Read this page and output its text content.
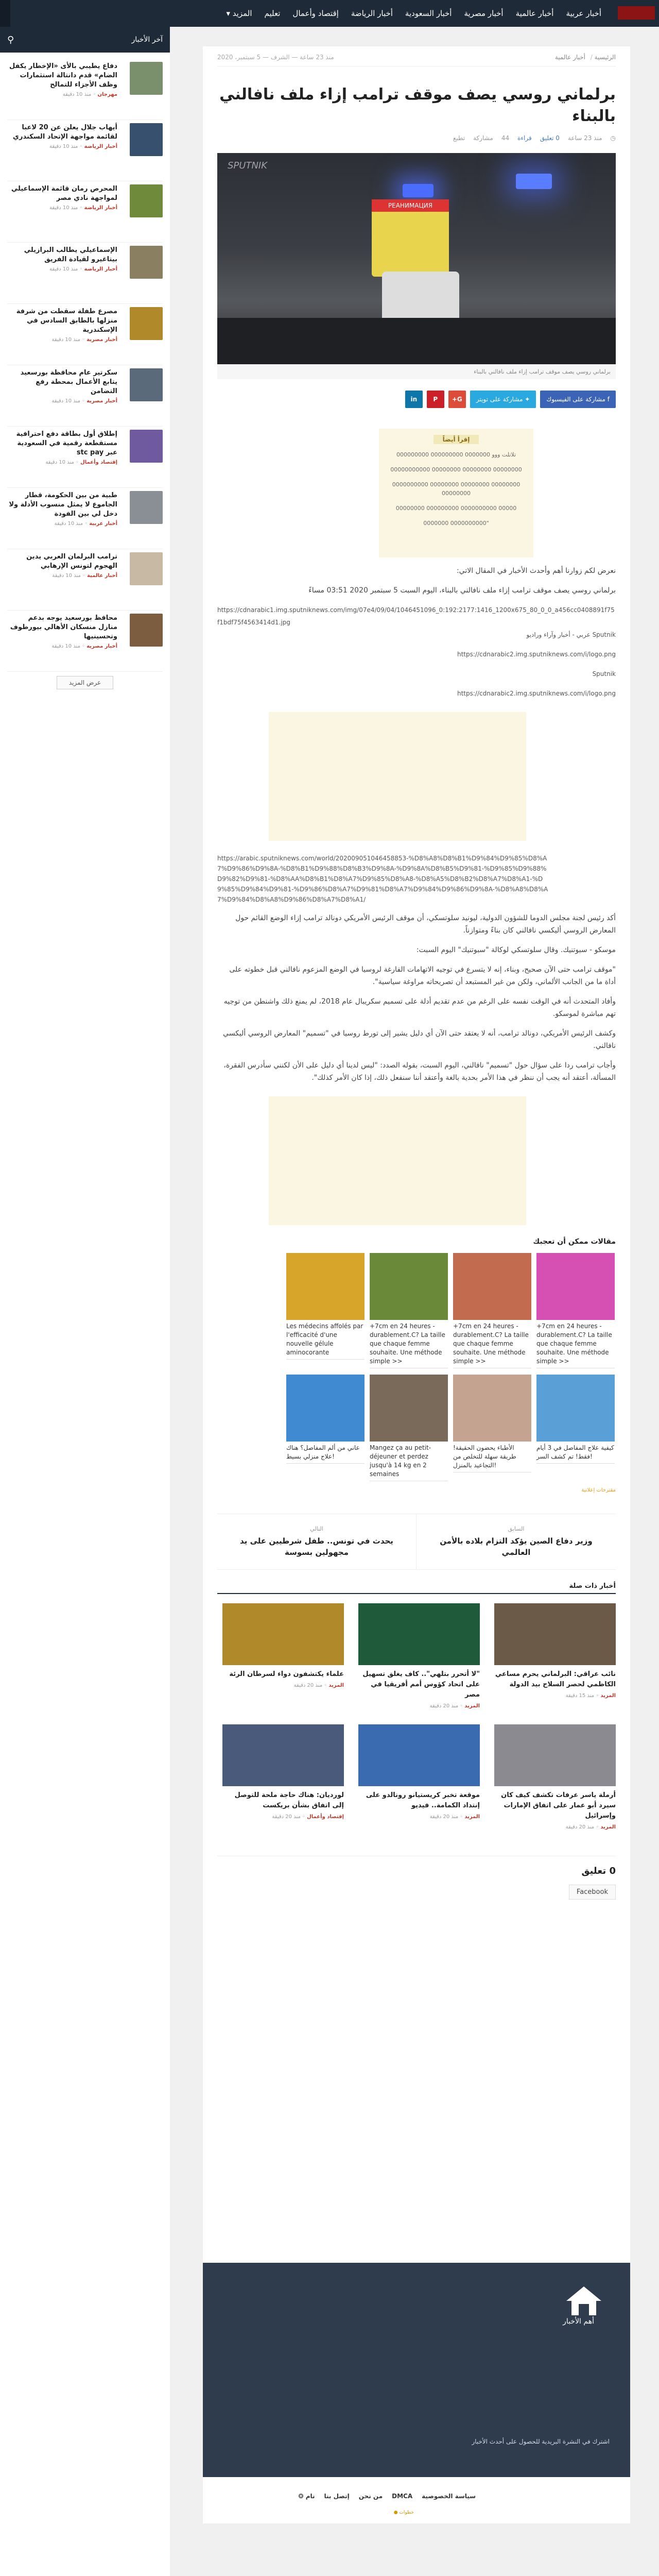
أخبار عربية
أخبار عالمية
أخبار مصرية
أخبار السعودية
أخبار الرياضة
إقتصاد وأعمال
تعليم
المزيد ▾
آخر الأخبار
⚲
دفاع يطيبي بالأى «الإخطار يكفل الضام» قدم دانتالة استثمارات وظف الأجزاء للتمالح
مهرجان ◦ منذ 10 دقيقة
أيهاب جلال يعلن عن 20 لاعبا لقائمة مواجهة الإتحاد السكندري
أخبار الرياضة ◦ منذ 10 دقيقة
المحرص رمان قائمة الإسماعيلي لمواجهة نادي مصر
أخبار الرياضة ◦ منذ 10 دقيقة
الإسماعيلي يطالب البرازيلي بيتاغيرو لقيادة الفريق
أخبار الرياضة ◦ منذ 10 دقيقة
مصرع طفلة سقطت من شرفة منزلها بالطابق السادس في الإسكندرية
أخبار مصرية ◦ منذ 10 دقيقة
سكرتير عام محافظة بورسعيد يتابع الأعمال بمحطة رفع التضامن
أخبار مصرية ◦ منذ 10 دقيقة
إطلاق أول بطاقة دفع احترافية مستقطعة رقمية في السعودية عبر stc pay
إقتصاد وأعمال ◦ منذ 10 دقيقة
طبية من بين الحكومة، قطار الجاموع لا يمثل منسوب الأدلة ولا دخل لي بين الفودة
أخبار عربية ◦ منذ 10 دقيقة
ترامب البرلمان العربي يدين الهجوم لتونس الإرهابي
أخبار عالمية ◦ منذ 10 دقيقة
محافظ بورسعيد يوجه بدعم منازل منسكان الأهالي بيورطوف وتحسينيها
أخبار مصرية ◦ منذ 10 دقيقة
عرض المزيد
الرئيسية / أخبار عالمية
منذ 23 ساعة — الشرف — 5 سبتمبر، 2020
برلماني روسي يصف موقف ترامب إزاء ملف نافالني بالبناء
◷
منذ 23 ساعة
0 تعليق
قراءة
44
مشاركة
تطبع
РЕАНИМАЦИЯ
SPUTNIK
برلماني روسي يصف موقف ترامب إزاء ملف نافالني بالبناء
f مشاركة على الفيسبوك
✦ مشاركة على تويتر
G+
P
in
إقرأ أيضاً
تلاتلت ووو 0000000 000000000 000000000
00000000 00000000 00000000 00000000000
00000000 00000000 00000000 0000000000 00000000
00000 0000000000 000000000 00000000
"0000000000 0000000

نعرض لكم زوارنا أهم وأحدث الأخبار في المقال الاتي:

برلماني روسي يصف موقف ترامب إزاء ملف نافالني بالبناء، اليوم السبت 5 سبتمبر 2020 03:51 مساءً

https://cdnarabic1.img.sputniknews.com/img/07e4/09/04/1046451096_0:192:2177:1416_1200x675_80_0_0_a456cc0408891f75f1bdf75f4563414d1.jpg
عربي - أخبار وآراء وراديو Sputnik
https://cdnarabic2.img.sputniknews.com/i/logo.png
Sputnik
https://cdnarabic2.img.sputniknews.com/i/logo.png
https://arabic.sputniknews.com/world/202009051046458853-%D8%A8%D8%B1%D9%84%D9%85%D8%A7%D9%86%D9%8A-%D8%B1%D9%88%D8%B3%D9%8A-%D9%8A%D8%B5%D9%81-%D9%85%D9%88%D9%82%D9%81-%D8%AA%D8%B1%D8%A7%D9%85%D8%A8-%D8%A5%D8%B2%D8%A7%D8%A1-%D9%85%D9%84%D9%81-%D9%86%D8%A7%D9%81%D8%A7%D9%84%D9%86%D9%8A-%D8%A8%D8%A7%D9%84%D8%A8%D9%86%D8%A7%D8%A1/

أكد رئيس لجنة مجلس الدوما للشؤون الدولية، ليونيد سلوتسكي، أن موقف الرئيس الأمريكي دونالد ترامب إزاء الوضع القائم حول المعارض الروسي أليكسي نافالني كان بناءً ومتوازناً.

موسكو - سبوتنيك. وقال سلوتسكي لوكالة "سبوتنيك" اليوم السبت:

"موقف ترامب حتى الآن صحيح، وبناء، إنه لا يتسرع في توجيه الاتهامات الفارغة لروسيا في الوضع المزعوم نافالني قبل خطوته على أداة ما من الجانب الألماني، ولكن من غير المستبعد أن تصريحاته مراوغة سياسية".

وأفاد المتحدث أنه في الوقت نفسه على الرغم من عدم تقديم أدلة على تسميم سكريبال عام 2018، لم يمنع ذلك واشنطن من توجيه تهم مباشرة لموسكو.

وكشف الرئيس الأمريكي، دونالد ترامب، أنه لا يعتقد حتى الآن أي دليل يشير إلى تورط روسيا في "تسميم" المعارض الروسي أليكسي نافالني.

وأجاب ترامب ردا على سؤال حول "تسميم" نافالني، اليوم السبت، بقوله الصدد: "ليس لدينا أي دليل على الأن لكنني سأدرس الفقرة، المسألة، أعتقد أنه يجب أن ننظر في هذا الأمر بحدية بالغة وأعتقد أننا سنفعل ذلك، إذا كان الأمر كذلك".

مقالات ممكن أن تعجبك
+7cm en 24 heures - durablement.C? La taille que chaque femme souhaite. Une méthode simple >>
+7cm en 24 heures - durablement.C? La taille que chaque femme souhaite. Une méthode simple >>
+7cm en 24 heures - durablement.C? La taille que chaque femme souhaite. Une méthode simple >>
Les médecins affolés par l'efficacité d'une nouvelle gélule aminocorante
كيفية علاج المفاصل في 3 أيام فقط! تم كشف السر!
الأطباء يحضون الحقيقة! طريقة سهلة للتخلص من التجاعيد بالمنزل!
Mangez ça au petit-déjeuner et perdez jusqu'à 14 kg en 2 semaines
عاني من ألم المفاصل؟ هناك علاج منزلي بسيط!
مقترحات إعلانية
السابق
وزير دفاع الصين يؤكد التزام بلاده بالأمن العالمي
التالي
يحدث في تونس.. طفل شرطيين على يد مجهولين بسوسة
أخبار ذات صلة
نائب عراقي: البرلماني يحرم مساعي الكاظمي لحصر السلاح بيد الدولة
المزيد ◦ منذ 15 دقيقة
"لا أتحرر بتلهي".. كاف يغلق تسهيل على اتحاد كؤوس أمم أفريقيا في مصر
المزيد ◦ منذ 20 دقيقة
علماء يكتشفون دواء لسرطان الرئة
المزيد ◦ منذ 20 دقيقة
أرملة ياسر عرفات تكشف كيف كان سيرد أبو عمار على اتفاق الإمارات وإسرائيل
المزيد ◦ منذ 20 دقيقة
موقعة تخبر كريستيانو رونالدو على إنتداد الكمامة.. فيديو
المزيد ◦ منذ 20 دقيقة
لورديان: هناك حاجة ملحة للتوصل إلى اتفاق بشأن بريكست
إقتصاد وأعمال ◦ منذ 20 دقيقة
0 تعليق
Facebook
أهم الأخبار
اشترك في النشرة البريدية للحصول على أحدث الأخبار
سياسة الخصوصية
DMCA
من نحن
إتصل بنا
نام ❂
خطوات ●
